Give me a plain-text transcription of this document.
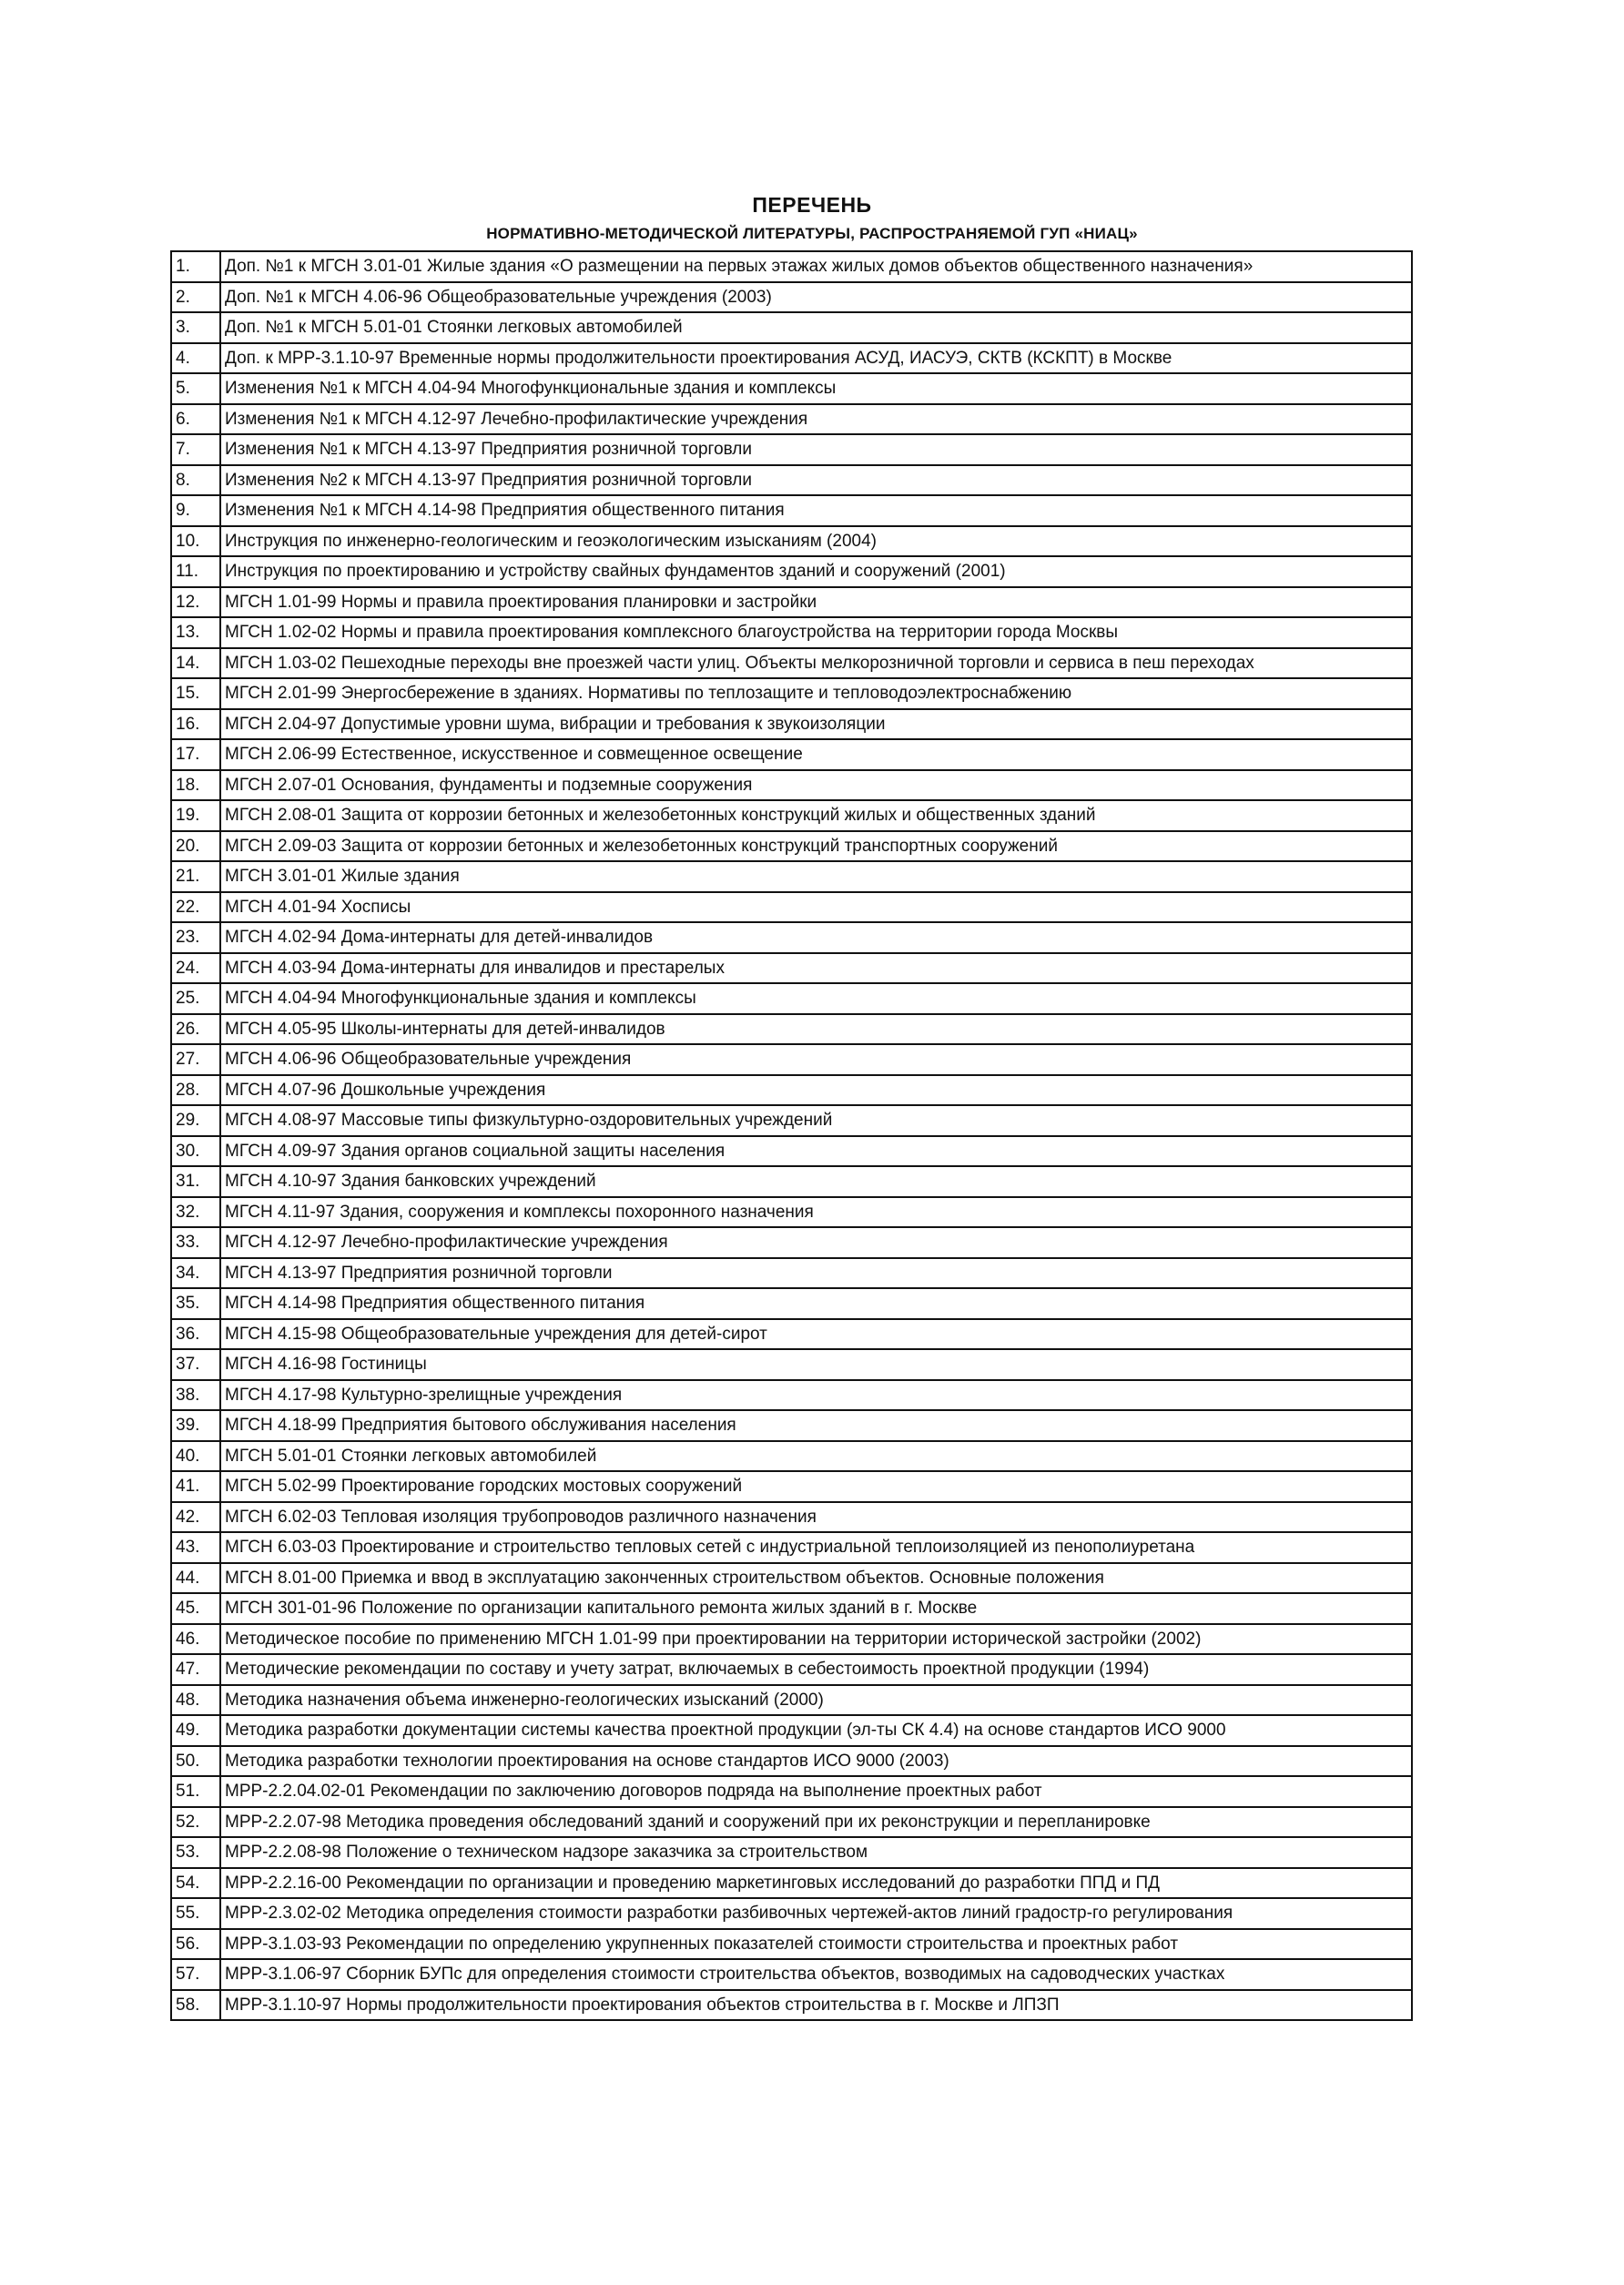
ПЕРЕЧЕНЬ
НОРМАТИВНО-МЕТОДИЧЕСКОЙ ЛИТЕРАТУРЫ, РАСПРОСТРАНЯЕМОЙ ГУП «НИАЦ»
1.	Доп. №1 к МГСН 3.01-01 Жилые здания «О размещении на первых этажах жилых домов объектов общественного назначения»
2.	Доп. №1 к МГСН 4.06-96 Общеобразовательные учреждения (2003)
3.	Доп. №1 к МГСН 5.01-01 Стоянки легковых автомобилей
4.	Доп. к МРР-3.1.10-97 Временные нормы продолжительности проектирования АСУД, ИАСУЭ, СКТВ (КСКПТ) в Москве
5.	Изменения №1 к МГСН 4.04-94 Многофункциональные здания и комплексы
6.	Изменения №1 к МГСН 4.12-97 Лечебно-профилактические учреждения
7.	Изменения №1 к МГСН 4.13-97 Предприятия розничной торговли
8.	Изменения №2 к МГСН 4.13-97 Предприятия розничной торговли
9.	Изменения №1 к МГСН 4.14-98 Предприятия общественного питания
10.	Инструкция по инженерно-геологическим и геоэкологическим изысканиям (2004)
11.	Инструкция по проектированию и устройству свайных фундаментов зданий и сооружений (2001)
12.	МГСН 1.01-99 Нормы и правила проектирования планировки и застройки
13.	МГСН 1.02-02 Нормы и правила проектирования комплексного благоустройства на территории города Москвы
14.	МГСН 1.03-02 Пешеходные переходы вне проезжей части улиц. Объекты мелкорозничной торговли и сервиса в пеш переходах
15.	МГСН 2.01-99 Энергосбережение в зданиях. Нормативы по теплозащите и тепловодоэлектроснабжению
16.	МГСН 2.04-97 Допустимые уровни шума, вибрации и требования к звукоизоляции
17.	МГСН 2.06-99 Естественное, искусственное и совмещенное освещение
18.	МГСН 2.07-01 Основания, фундаменты и подземные сооружения
19.	МГСН 2.08-01 Защита от коррозии бетонных и железобетонных конструкций жилых и общественных зданий
20.	МГСН 2.09-03 Защита от коррозии бетонных и железобетонных конструкций транспортных сооружений
21.	МГСН 3.01-01 Жилые здания
22.	МГСН 4.01-94 Хосписы
23.	МГСН 4.02-94 Дома-интернаты для детей-инвалидов
24.	МГСН 4.03-94 Дома-интернаты для инвалидов и престарелых
25.	МГСН 4.04-94 Многофункциональные здания и комплексы
26.	МГСН 4.05-95 Школы-интернаты для детей-инвалидов
27.	МГСН 4.06-96 Общеобразовательные учреждения
28.	МГСН 4.07-96 Дошкольные учреждения
29.	МГСН 4.08-97 Массовые типы физкультурно-оздоровительных учреждений
30.	МГСН 4.09-97 Здания органов социальной защиты населения
31.	МГСН 4.10-97 Здания банковских учреждений
32.	МГСН 4.11-97 Здания, сооружения и комплексы похоронного назначения
33.	МГСН 4.12-97 Лечебно-профилактические учреждения
34.	МГСН 4.13-97 Предприятия розничной торговли
35.	МГСН 4.14-98 Предприятия общественного питания
36.	МГСН 4.15-98 Общеобразовательные учреждения для детей-сирот
37.	МГСН 4.16-98 Гостиницы
38.	МГСН 4.17-98 Культурно-зрелищные учреждения
39.	МГСН 4.18-99 Предприятия бытового обслуживания населения
40.	МГСН 5.01-01 Стоянки легковых автомобилей
41.	МГСН 5.02-99 Проектирование городских мостовых сооружений
42.	МГСН 6.02-03 Тепловая изоляция трубопроводов различного назначения
43.	МГСН 6.03-03 Проектирование и строительство тепловых сетей с индустриальной теплоизоляцией из пенополиуретана
44.	МГСН 8.01-00 Приемка и ввод в эксплуатацию законченных строительством объектов. Основные положения
45.	МГСН 301-01-96 Положение по организации капитального ремонта жилых зданий в г. Москве
46.	Методическое пособие по применению МГСН 1.01-99 при проектировании на территории исторической застройки (2002)
47.	Методические рекомендации по составу и учету затрат, включаемых в себестоимость проектной продукции (1994)
48.	Методика назначения объема инженерно-геологических изысканий (2000)
49.	Методика разработки документации системы качества проектной продукции (эл-ты СК 4.4) на основе стандартов ИСО 9000
50.	Методика разработки технологии проектирования на основе стандартов ИСО 9000 (2003)
51.	МРР-2.2.04.02-01 Рекомендации по заключению договоров подряда на выполнение проектных работ
52.	МРР-2.2.07-98 Методика проведения обследований зданий и сооружений при их реконструкции и перепланировке
53.	МРР-2.2.08-98 Положение о техническом надзоре заказчика за строительством
54.	МРР-2.2.16-00 Рекомендации по организации и проведению маркетинговых исследований до разработки ППД и ПД
55.	МРР-2.3.02-02 Методика определения стоимости разработки разбивочных чертежей-актов линий градостр-го регулирования
56.	МРР-3.1.03-93 Рекомендации по определению укрупненных показателей стоимости строительства и проектных работ
57.	МРР-3.1.06-97 Сборник БУПс для определения стоимости строительства объектов, возводимых на садоводческих участках
58.	МРР-3.1.10-97 Нормы продолжительности проектирования объектов строительства в г. Москве и ЛПЗП
